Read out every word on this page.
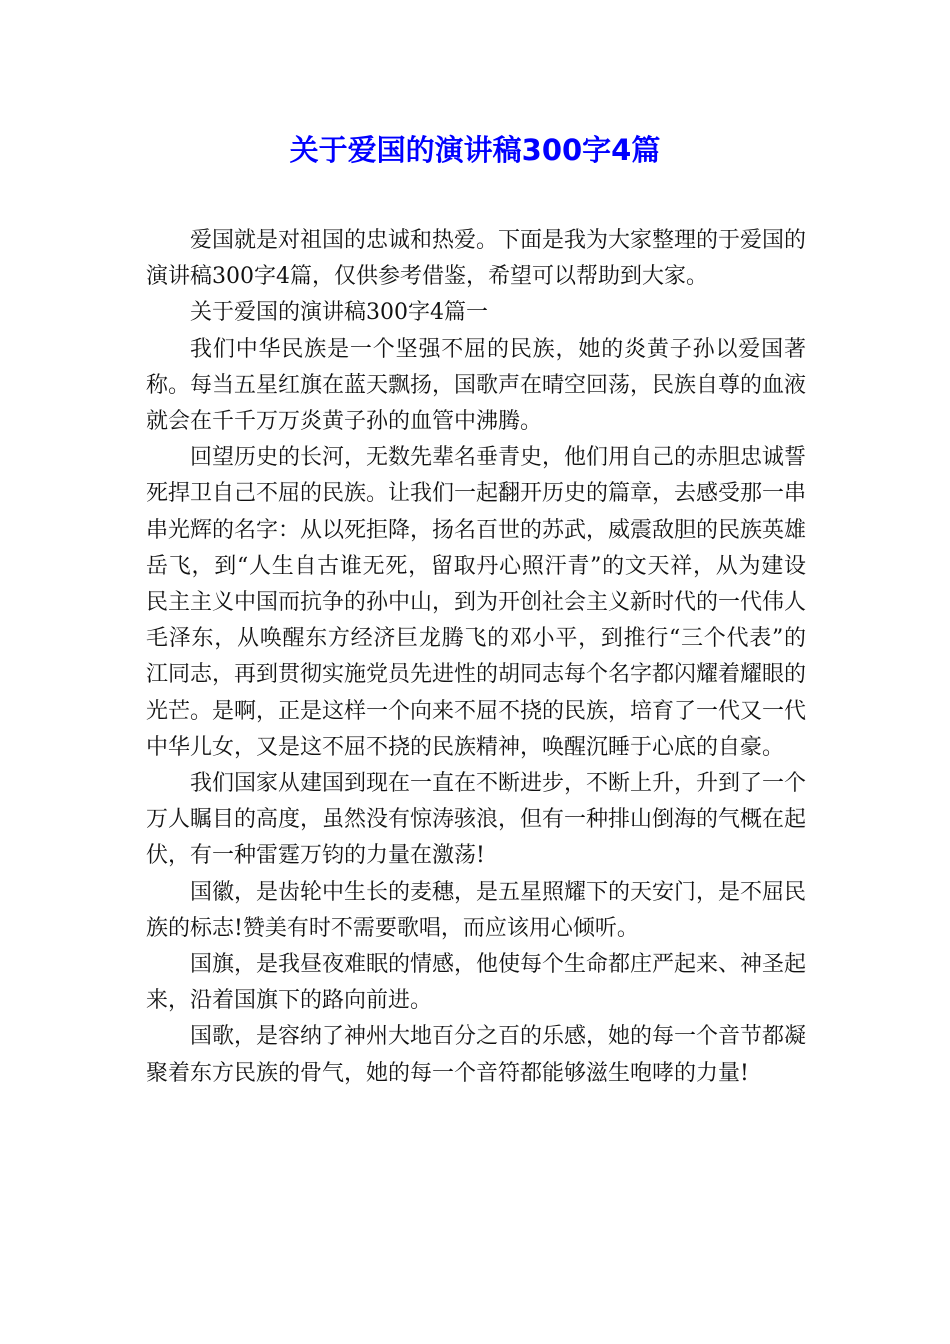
关于爱国的演讲稿300字4篇

爱国就是对祖国的忠诚和热爱。下面是我为大家整理的于爱国的演讲稿300字4篇，仅供参考借鉴，希望可以帮助到大家。

关于爱国的演讲稿300字4篇一

我们中华民族是一个坚强不屈的民族，她的炎黄子孙以爱国著称。每当五星红旗在蓝天飘扬，国歌声在晴空回荡，民族自尊的血液就会在千千万万炎黄子孙的血管中沸腾。

回望历史的长河，无数先辈名垂青史，他们用自己的赤胆忠诚誓死捍卫自己不屈的民族。让我们一起翻开历史的篇章，去感受那一串串光辉的名字：从以死拒降，扬名百世的苏武，威震敌胆的民族英雄岳飞，到“人生自古谁无死，留取丹心照汗青”的文天祥，从为建设民主主义中国而抗争的孙中山，到为开创社会主义新时代的一代伟人毛泽东，从唤醒东方经济巨龙腾飞的邓小平，到推行“三个代表”的江同志，再到贯彻实施党员先进性的胡同志每个名字都闪耀着耀眼的光芒。是啊，正是这样一个向来不屈不挠的民族，培育了一代又一代中华儿女，又是这不屈不挠的民族精神，唤醒沉睡于心底的自豪。

我们国家从建国到现在一直在不断进步，不断上升，升到了一个万人瞩目的高度，虽然没有惊涛骇浪，但有一种排山倒海的气概在起伏，有一种雷霆万钧的力量在激荡!

国徽，是齿轮中生长的麦穗，是五星照耀下的天安门，是不屈民族的标志!赞美有时不需要歌唱，而应该用心倾听。

国旗，是我昼夜难眠的情感，他使每个生命都庄严起来、神圣起来，沿着国旗下的路向前进。

国歌，是容纳了神州大地百分之百的乐感，她的每一个音节都凝聚着东方民族的骨气，她的每一个音符都能够滋生咆哮的力量!
